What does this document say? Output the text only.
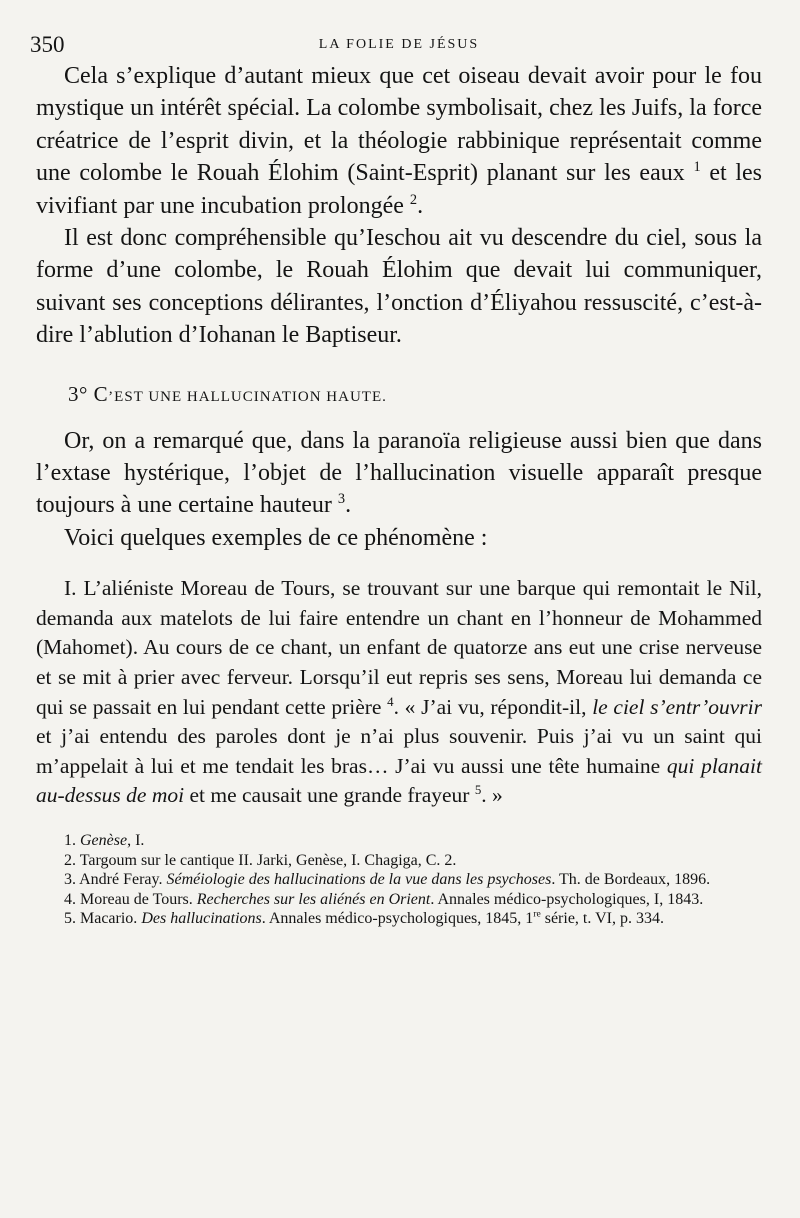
350	LA FOLIE DE JÉSUS

Cela s’explique d’autant mieux que cet oiseau devait avoir pour le fou mystique un intérêt spécial. La colombe symbolisait, chez les Juifs, la force créatrice de l’esprit divin, et la théologie rabbinique représentait comme une colombe le Rouah Élohim (Saint-Esprit) planant sur les eaux $^1$ et les vivifiant par une incubation prolongée $^2$.

Il est donc compréhensible qu’Ieschou ait vu descendre du ciel, sous la forme d’une colombe, le Rouah Élohim que devait lui communiquer, suivant ses conceptions délirantes, l’onction d’Éliyahou ressuscité, c’est-à-dire l’ablution d’Iohanan le Baptiseur.

3° C’EST UNE HALLUCINATION HAUTE.

Or, on a remarqué que, dans la paranoïa religieuse aussi bien que dans l’extase hystérique, l’objet de l’hallucination visuelle apparaît presque toujours à une certaine hauteur $^3$.

Voici quelques exemples de ce phénomène :

I. L’aliéniste Moreau de Tours, se trouvant sur une barque qui remontait le Nil, demanda aux matelots de lui faire entendre un chant en l’honneur de Mohammed (Mahomet). Au cours de ce chant, un enfant de quatorze ans eut une crise nerveuse et se mit à prier avec ferveur. Lorsqu’il eut repris ses sens, Moreau lui demanda ce qui se passait en lui pendant cette prière $^4$. « J’ai vu, répondit-il, le ciel s’entr’ouvrir et j’ai entendu des paroles dont je n’ai plus souvenir. Puis j’ai vu un saint qui m’appelait à lui et me tendait les bras… J’ai vu aussi une tête humaine qui planait au-dessus de moi et me causait une grande frayeur $^5$. »

1. Genèse, I.
2. Targoum sur le cantique II. Jarki, Genèse, I. Chagiga, C. 2.
3. André Feray. Séméiologie des hallucinations de la vue dans les psychoses. Th. de Bordeaux, 1896.
4. Moreau de Tours. Recherches sur les aliénés en Orient. Annales médico-psychologiques, I, 1843.
5. Macario. Des hallucinations. Annales médico-psychologiques, 1845, 1re série, t. VI, p. 334.
